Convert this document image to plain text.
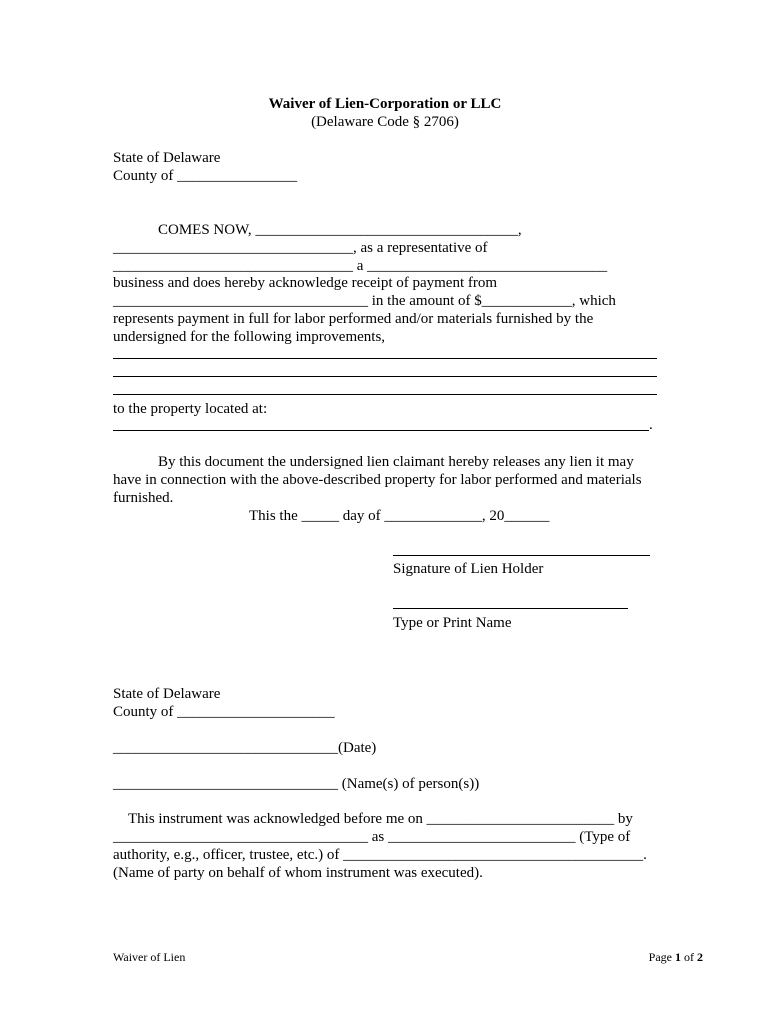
Waiver of Lien-Corporation or LLC
(Delaware Code § 2706)
State of Delaware
County of ________________
COMES NOW, ___________________________________,
________________________________, as a representative of
________________________________ a ________________________________
business and does hereby acknowledge receipt of payment from
__________________________________ in the amount of $____________, which
represents payment in full for labor performed and/or materials furnished by the
undersigned for the following improvements,
to the property located at:
.
By this document the undersigned lien claimant hereby releases any lien it may
have in connection with the above-described property for labor performed and materials
furnished.
This the _____ day of _____________, 20______
Signature of Lien Holder
Type or Print Name
State of Delaware
County of _____________________
______________________________(Date)
______________________________ (Name(s) of person(s))
This instrument was acknowledged before me on _________________________ by
__________________________________ as _________________________ (Type of
authority, e.g., officer, trustee, etc.) of ________________________________________.
(Name of party on behalf of whom instrument was executed).
Waiver of Lien	Page 1 of 2
